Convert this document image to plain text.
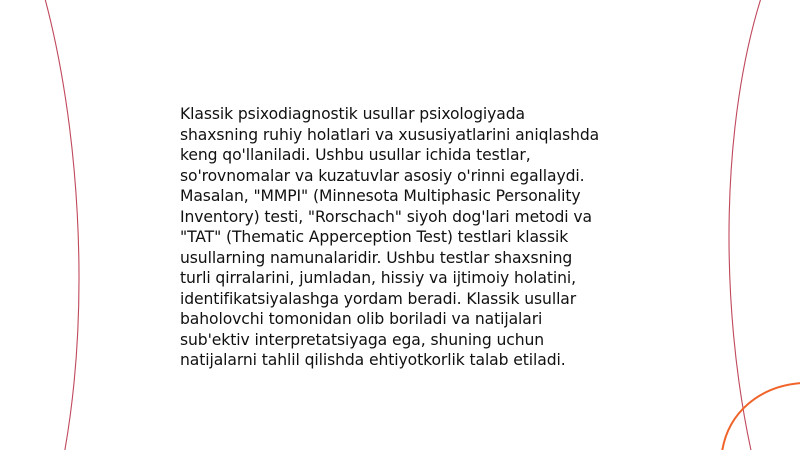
Klassik psixodiagnostik usullar psixologiyada
shaxsning ruhiy holatlari va xususiyatlarini aniqlashda
keng qo'llaniladi. Ushbu usullar ichida testlar,
so'rovnomalar va kuzatuvlar asosiy o'rinni egallaydi.
Masalan, "MMPI" (Minnesota Multiphasic Personality
Inventory) testi, "Rorschach" siyoh dog'lari metodi va
"TAT" (Thematic Apperception Test) testlari klassik
usullarning namunalaridir. Ushbu testlar shaxsning
turli qirralarini, jumladan, hissiy va ijtimoiy holatini,
identifikatsiyalashga yordam beradi. Klassik usullar
baholovchi tomonidan olib boriladi va natijalari
sub'ektiv interpretatsiyaga ega, shuning uchun
natijalarni tahlil qilishda ehtiyotkorlik talab etiladi.
